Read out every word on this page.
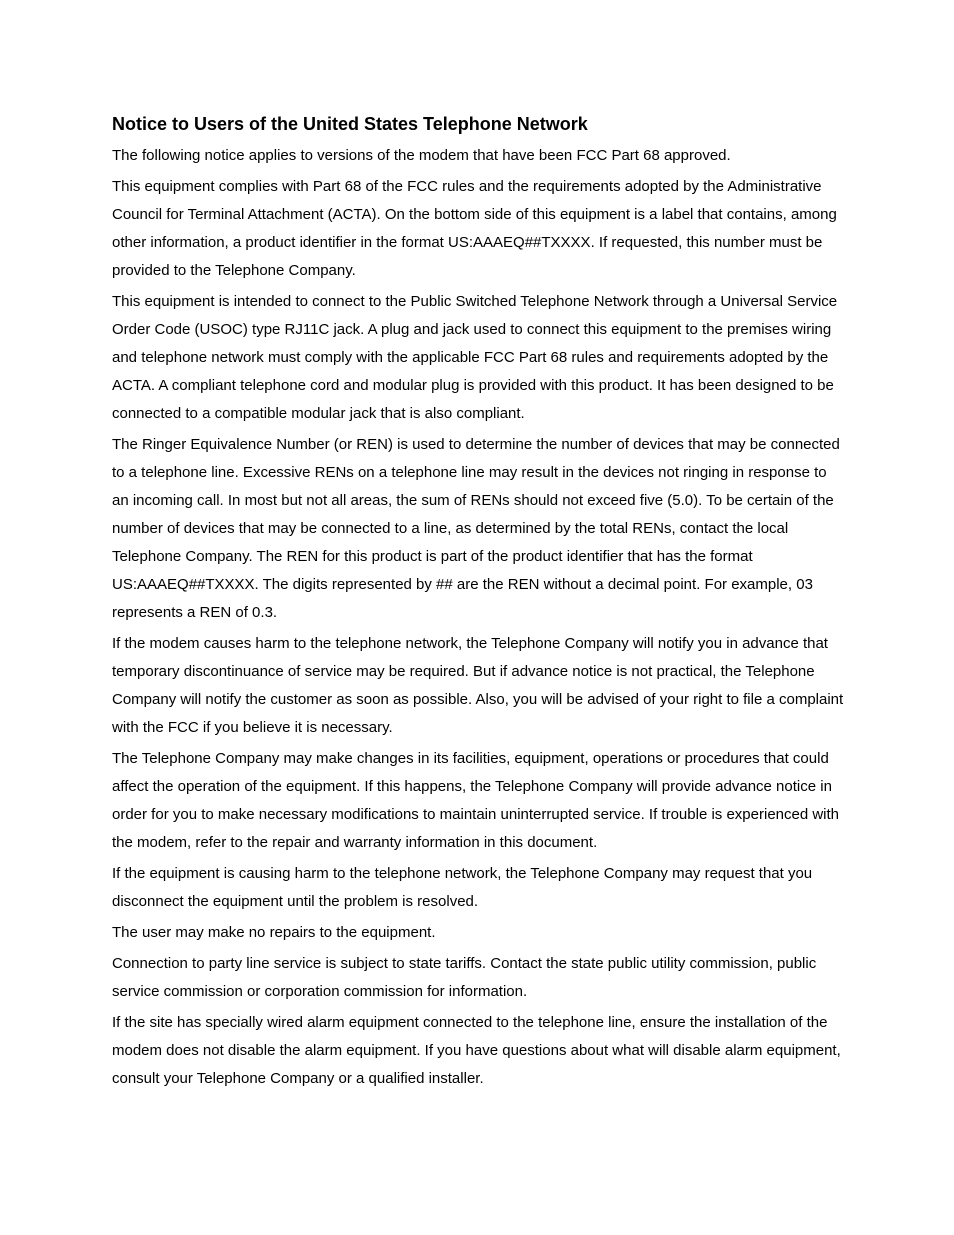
Notice to Users of the United States Telephone Network

The following notice applies to versions of the modem that have been FCC Part 68 approved.

This equipment complies with Part 68 of the FCC rules and the requirements adopted by the Administrative Council for Terminal Attachment (ACTA). On the bottom side of this equipment is a label that contains, among other information, a product identifier in the format US:AAAEQ##TXXXX. If requested, this number must be provided to the Telephone Company.

This equipment is intended to connect to the Public Switched Telephone Network through a Universal Service Order Code (USOC) type RJ11C jack. A plug and jack used to connect this equipment to the premises wiring and telephone network must comply with the applicable FCC Part 68 rules and requirements adopted by the ACTA. A compliant telephone cord and modular plug is provided with this product. It has been designed to be connected to a compatible modular jack that is also compliant.

The Ringer Equivalence Number (or REN) is used to determine the number of devices that may be connected to a telephone line. Excessive RENs on a telephone line may result in the devices not ringing in response to an incoming call. In most but not all areas, the sum of RENs should not exceed five (5.0). To be certain of the number of devices that may be connected to a line, as determined by the total RENs, contact the local Telephone Company. The REN for this product is part of the product identifier that has the format US:AAAEQ##TXXXX. The digits represented by ## are the REN without a decimal point. For example, 03 represents a REN of 0.3.

If the modem causes harm to the telephone network, the Telephone Company will notify you in advance that temporary discontinuance of service may be required. But if advance notice is not practical, the Telephone Company will notify the customer as soon as possible. Also, you will be advised of your right to file a complaint with the FCC if you believe it is necessary.

The Telephone Company may make changes in its facilities, equipment, operations or procedures that could affect the operation of the equipment. If this happens, the Telephone Company will provide advance notice in order for you to make necessary modifications to maintain uninterrupted service. If trouble is experienced with the modem, refer to the repair and warranty information in this document.

If the equipment is causing harm to the telephone network, the Telephone Company may request that you disconnect the equipment until the problem is resolved.

The user may make no repairs to the equipment.

Connection to party line service is subject to state tariffs. Contact the state public utility commission, public service commission or corporation commission for information.

If the site has specially wired alarm equipment connected to the telephone line, ensure the installation of the modem does not disable the alarm equipment. If you have questions about what will disable alarm equipment, consult your Telephone Company or a qualified installer.
